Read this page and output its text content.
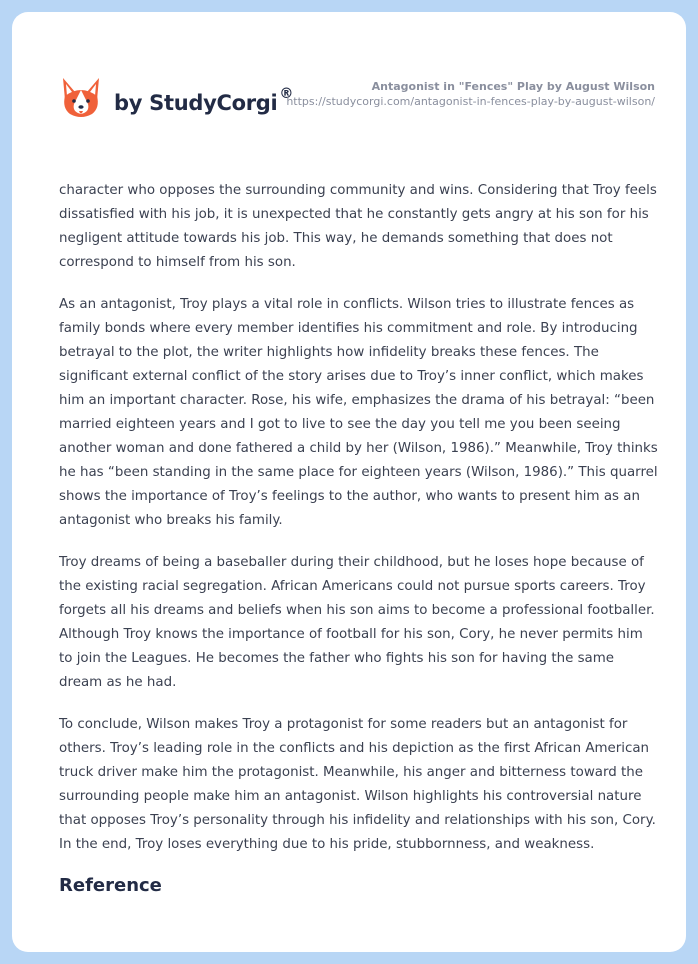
by StudyCorgi ®	Antagonist in "Fences" Play by August Wilson
https://studycorgi.com/antagonist-in-fences-play-by-august-wilson/

character who opposes the surrounding community and wins. Considering that Troy feels dissatisfied with his job, it is unexpected that he constantly gets angry at his son for his negligent attitude towards his job. This way, he demands something that does not correspond to himself from his son.

As an antagonist, Troy plays a vital role in conflicts. Wilson tries to illustrate fences as family bonds where every member identifies his commitment and role. By introducing betrayal to the plot, the writer highlights how infidelity breaks these fences. The significant external conflict of the story arises due to Troy’s inner conflict, which makes him an important character. Rose, his wife, emphasizes the drama of his betrayal: “been married eighteen years and I got to live to see the day you tell me you been seeing another woman and done fathered a child by her (Wilson, 1986).” Meanwhile, Troy thinks he has “been standing in the same place for eighteen years (Wilson, 1986).” This quarrel shows the importance of Troy’s feelings to the author, who wants to present him as an antagonist who breaks his family.

Troy dreams of being a baseballer during their childhood, but he loses hope because of the existing racial segregation. African Americans could not pursue sports careers. Troy forgets all his dreams and beliefs when his son aims to become a professional footballer. Although Troy knows the importance of football for his son, Cory, he never permits him to join the Leagues. He becomes the father who fights his son for having the same dream as he had.

To conclude, Wilson makes Troy a protagonist for some readers but an antagonist for others. Troy’s leading role in the conflicts and his depiction as the first African American truck driver make him the protagonist. Meanwhile, his anger and bitterness toward the surrounding people make him an antagonist. Wilson highlights his controversial nature that opposes Troy’s personality through his infidelity and relationships with his son, Cory. In the end, Troy loses everything due to his pride, stubbornness, and weakness.

Reference
